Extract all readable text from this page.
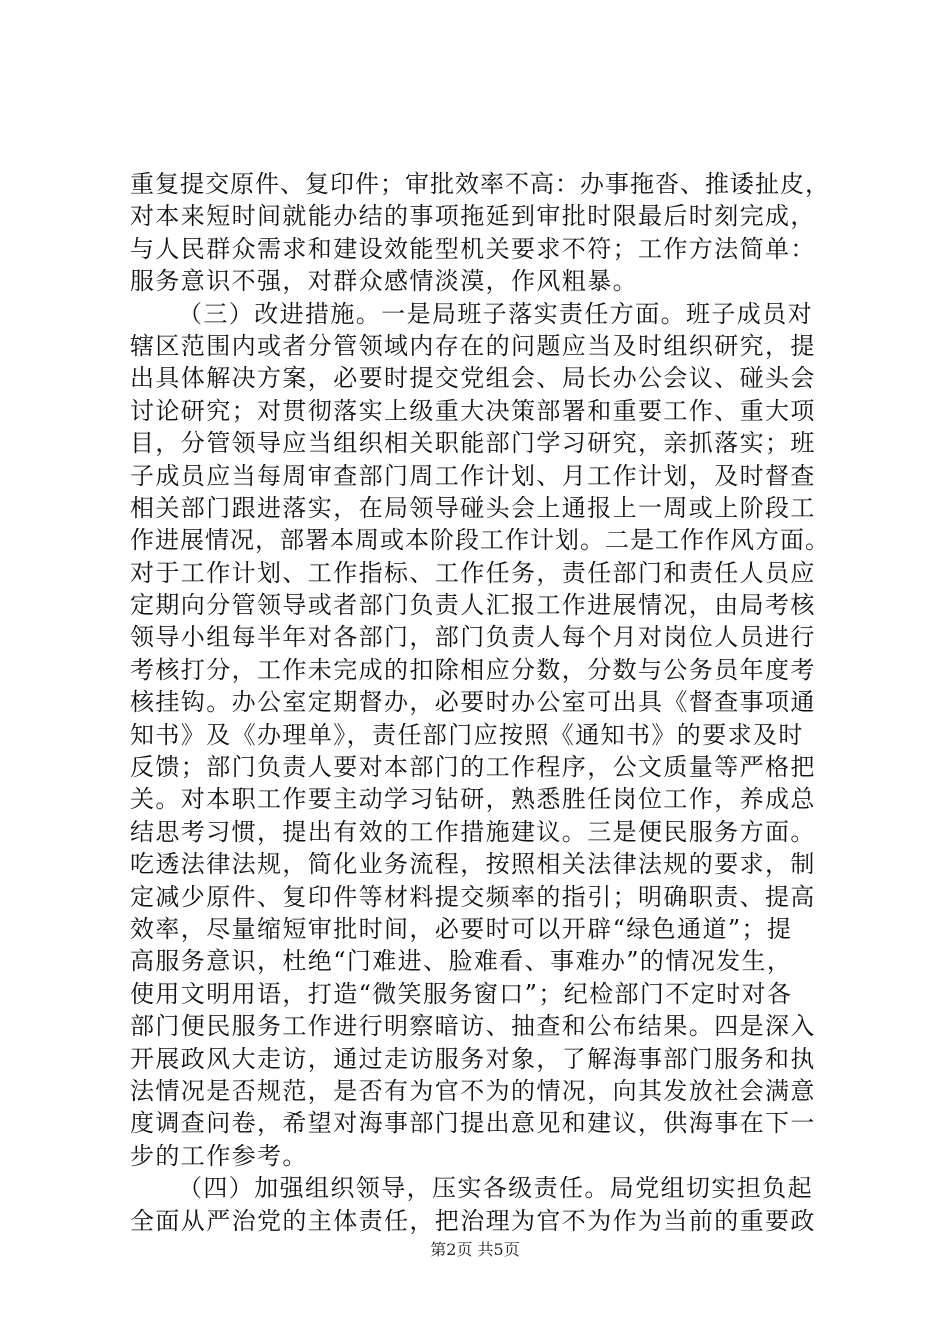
重复提交原件、复印件；审批效率不高：办事拖沓、推诿扯皮，
对本来短时间就能办结的事项拖延到审批时限最后时刻完成，
与人民群众需求和建设效能型机关要求不符；工作方法简单：
服务意识不强，对群众感情淡漠，作风粗暴。
（三）改进措施。一是局班子落实责任方面。班子成员对
辖区范围内或者分管领域内存在的问题应当及时组织研究，提
出具体解决方案，必要时提交党组会、局长办公会议、碰头会
讨论研究；对贯彻落实上级重大决策部署和重要工作、重大项
目，分管领导应当组织相关职能部门学习研究，亲抓落实；班
子成员应当每周审查部门周工作计划、月工作计划，及时督查
相关部门跟进落实，在局领导碰头会上通报上一周或上阶段工
作进展情况，部署本周或本阶段工作计划。二是工作作风方面。
对于工作计划、工作指标、工作任务，责任部门和责任人员应
定期向分管领导或者部门负责人汇报工作进展情况，由局考核
领导小组每半年对各部门，部门负责人每个月对岗位人员进行
考核打分，工作未完成的扣除相应分数，分数与公务员年度考
核挂钩。办公室定期督办，必要时办公室可出具《督查事项通
知书》及《办理单》，责任部门应按照《通知书》的要求及时
反馈；部门负责人要对本部门的工作程序，公文质量等严格把
关。对本职工作要主动学习钻研，熟悉胜任岗位工作，养成总
结思考习惯，提出有效的工作措施建议。三是便民服务方面。
吃透法律法规，简化业务流程，按照相关法律法规的要求，制
定减少原件、复印件等材料提交频率的指引；明确职责、提高
效率，尽量缩短审批时间，必要时可以开辟“绿色通道”；提
高服务意识，杜绝“门难进、脸难看、事难办”的情况发生，
使用文明用语，打造“微笑服务窗口”；纪检部门不定时对各
部门便民服务工作进行明察暗访、抽查和公布结果。四是深入
开展政风大走访，通过走访服务对象，了解海事部门服务和执
法情况是否规范，是否有为官不为的情况，向其发放社会满意
度调查问卷，希望对海事部门提出意见和建议，供海事在下一
步的工作参考。
（四）加强组织领导，压实各级责任。局党组切实担负起
全面从严治党的主体责任，把治理为官不为作为当前的重要政
第2页 共5页
